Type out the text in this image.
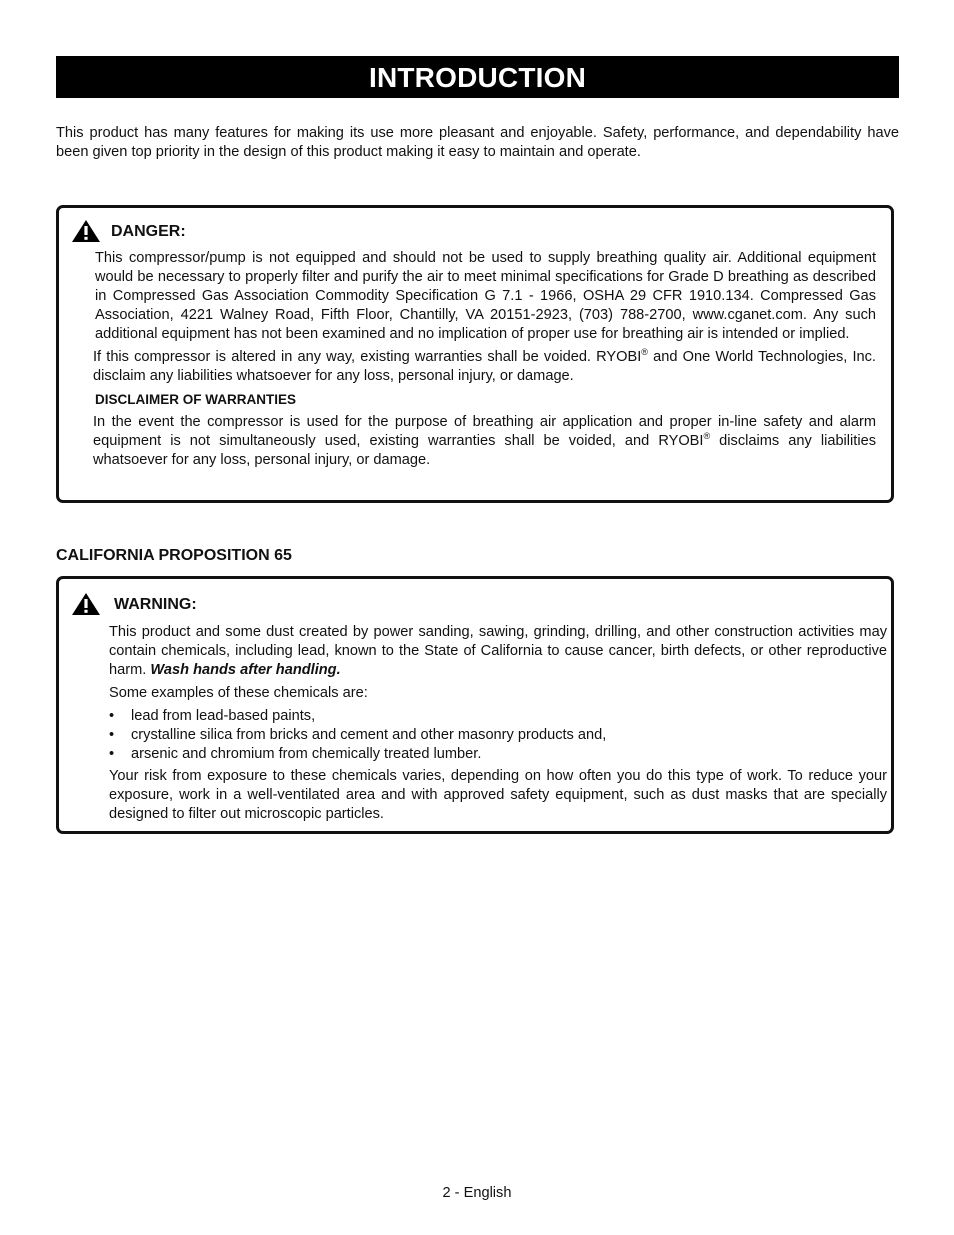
INTRODUCTION

This product has many features for making its use more pleasant and enjoyable. Safety, performance, and dependability have been given top priority in the design of this product making it easy to maintain and operate.

DANGER:

This compressor/pump is not equipped and should not be used to supply breathing quality air. Additional equipment would be necessary to properly filter and purify the air to meet minimal specifications for Grade D breathing as described in Compressed Gas Association Commodity Specification G 7.1 - 1966, OSHA 29 CFR 1910.134. Compressed Gas Association, 4221 Walney Road, Fifth Floor, Chantilly, VA 20151-2923, (703) 788-2700, www.cganet.com. Any such additional equipment has not been examined and no implication of proper use for breathing air is intended or implied.

If this compressor is altered in any way, existing warranties shall be voided. RYOBI® and One World Technologies, Inc. disclaim any liabilities whatsoever for any loss, personal injury, or damage.

DISCLAIMER OF WARRANTIES

In the event the compressor is used for the purpose of breathing air application and proper in-line safety and alarm equipment is not simultaneously used, existing warranties shall be voided, and RYOBI® disclaims any liabilities whatsoever for any loss, personal injury, or damage.

CALIFORNIA PROPOSITION 65
WARNING:

This product and some dust created by power sanding, sawing, grinding, drilling, and other construction activities may contain chemicals, including lead, known to the State of California to cause cancer, birth defects, or other reproductive harm. Wash hands after handling.

Some examples of these chemicals are:

• lead from lead-based paints,
• crystalline silica from bricks and cement and other masonry products and,
• arsenic and chromium from chemically treated lumber.

Your risk from exposure to these chemicals varies, depending on how often you do this type of work. To reduce your exposure, work in a well-ventilated area and with approved safety equipment, such as dust masks that are specially designed to filter out microscopic particles.

2 - English
